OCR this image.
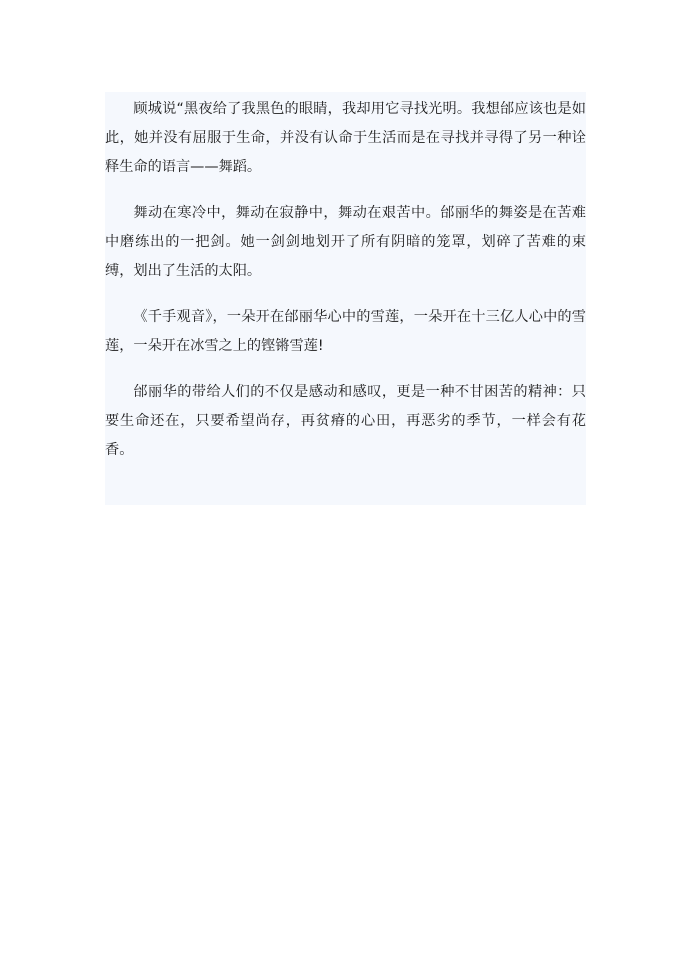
顾城说“黑夜给了我黑色的眼睛，我却用它寻找光明。我想邰应该也是如此，她并没有屈服于生命，并没有认命于生活而是在寻找并寻得了另一种诠释生命的语言——舞蹈。

舞动在寒冷中，舞动在寂静中，舞动在艰苦中。邰丽华的舞姿是在苦难中磨练出的一把剑。她一剑剑地划开了所有阴暗的笼罩，划碎了苦难的束缚，划出了生活的太阳。

《千手观音》，一朵开在邰丽华心中的雪莲，一朵开在十三亿人心中的雪莲，一朵开在冰雪之上的铿锵雪莲!

邰丽华的带给人们的不仅是感动和感叹，更是一种不甘困苦的精神：只要生命还在，只要希望尚存，再贫瘠的心田，再恶劣的季节，一样会有花香。
